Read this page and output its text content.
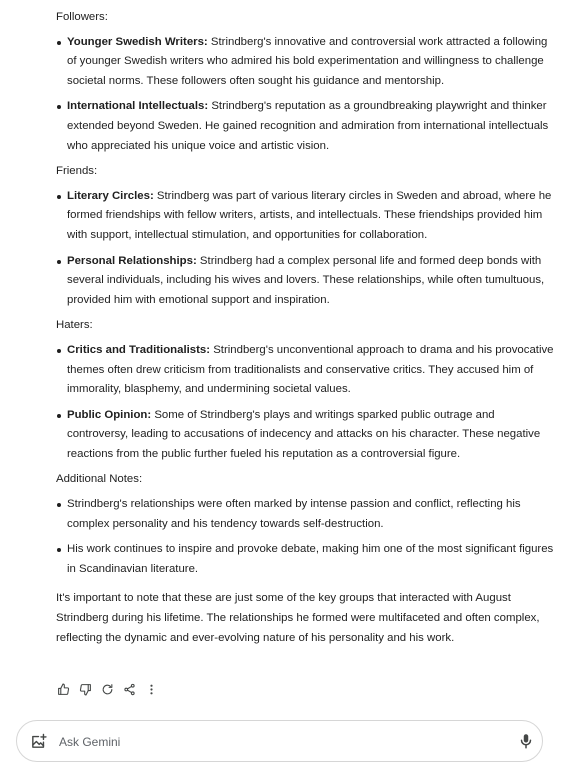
Followers:
Younger Swedish Writers: Strindberg's innovative and controversial work attracted a following of younger Swedish writers who admired his bold experimentation and willingness to challenge societal norms. These followers often sought his guidance and mentorship.
International Intellectuals: Strindberg's reputation as a groundbreaking playwright and thinker extended beyond Sweden. He gained recognition and admiration from international intellectuals who appreciated his unique voice and artistic vision.
Friends:
Literary Circles: Strindberg was part of various literary circles in Sweden and abroad, where he formed friendships with fellow writers, artists, and intellectuals. These friendships provided him with support, intellectual stimulation, and opportunities for collaboration.
Personal Relationships: Strindberg had a complex personal life and formed deep bonds with several individuals, including his wives and lovers. These relationships, while often tumultuous, provided him with emotional support and inspiration.
Haters:
Critics and Traditionalists: Strindberg's unconventional approach to drama and his provocative themes often drew criticism from traditionalists and conservative critics. They accused him of immorality, blasphemy, and undermining societal values.
Public Opinion: Some of Strindberg's plays and writings sparked public outrage and controversy, leading to accusations of indecency and attacks on his character. These negative reactions from the public further fueled his reputation as a controversial figure.
Additional Notes:
Strindberg's relationships were often marked by intense passion and conflict, reflecting his complex personality and his tendency towards self-destruction.
His work continues to inspire and provoke debate, making him one of the most significant figures in Scandinavian literature.
It's important to note that these are just some of the key groups that interacted with August Strindberg during his lifetime. The relationships he formed were multifaceted and often complex, reflecting the dynamic and ever-evolving nature of his personality and his work.
Ask Gemini
